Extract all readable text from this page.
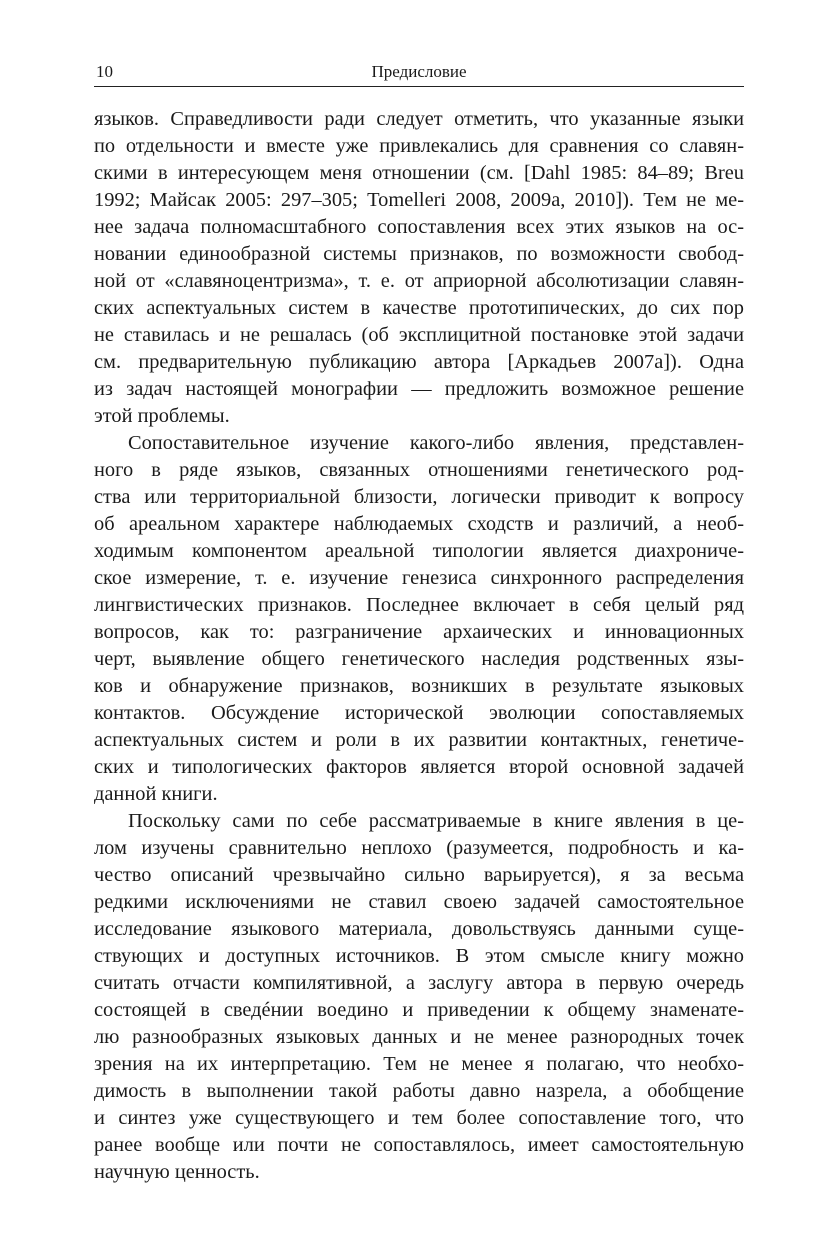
10	Предисловие
языков. Справедливости ради следует отметить, что указанные языки
по отдельности и вместе уже привлекались для сравнения со славян-
скими в интересующем меня отношении (см. [Dahl 1985: 84–89; Breu
1992; Майсак 2005: 297–305; Tomelleri 2008, 2009a, 2010]). Тем не ме-
нее задача полномасштабного сопоставления всех этих языков на ос-
новании единообразной системы признаков, по возможности свобод-
ной от «славяноцентризма», т. е. от априорной абсолютизации славян-
ских аспектуальных систем в качестве прототипических, до сих пор
не ставилась и не решалась (об эксплицитной постановке этой задачи
см. предварительную публикацию автора [Аркадьев 2007a]). Одна
из задач настоящей монографии — предложить возможное решение
этой проблемы.
Сопоставительное изучение какого-либо явления, представлен-
ного в ряде языков, связанных отношениями генетического род-
ства или территориальной близости, логически приводит к вопросу
об ареальном характере наблюдаемых сходств и различий, а необ-
ходимым компонентом ареальной типологии является диахрониче-
ское измерение, т. е. изучение генезиса синхронного распределения
лингвистических признаков. Последнее включает в себя целый ряд
вопросов, как то: разграничение архаических и инновационных
черт, выявление общего генетического наследия родственных язы-
ков и обнаружение признаков, возникших в результате языковых
контактов. Обсуждение исторической эволюции сопоставляемых
аспектуальных систем и роли в их развитии контактных, генетиче-
ских и типологических факторов является второй основной задачей
данной книги.
Поскольку сами по себе рассматриваемые в книге явления в це-
лом изучены сравнительно неплохо (разумеется, подробность и ка-
чество описаний чрезвычайно сильно варьируется), я за весьма
редкими исключениями не ставил своею задачей самостоятельное
исследование языкового материала, довольствуясь данными суще-
ствующих и доступных источников. В этом смысле книгу можно
считать отчасти компилятивной, а заслугу автора в первую очередь
состоящей в сведéнии воедино и приведении к общему знаменате-
лю разнообразных языковых данных и не менее разнородных точек
зрения на их интерпретацию. Тем не менее я полагаю, что необхо-
димость в выполнении такой работы давно назрела, а обобщение
и синтез уже существующего и тем более сопоставление того, что
ранее вообще или почти не сопоставлялось, имеет самостоятельную
научную ценность.
